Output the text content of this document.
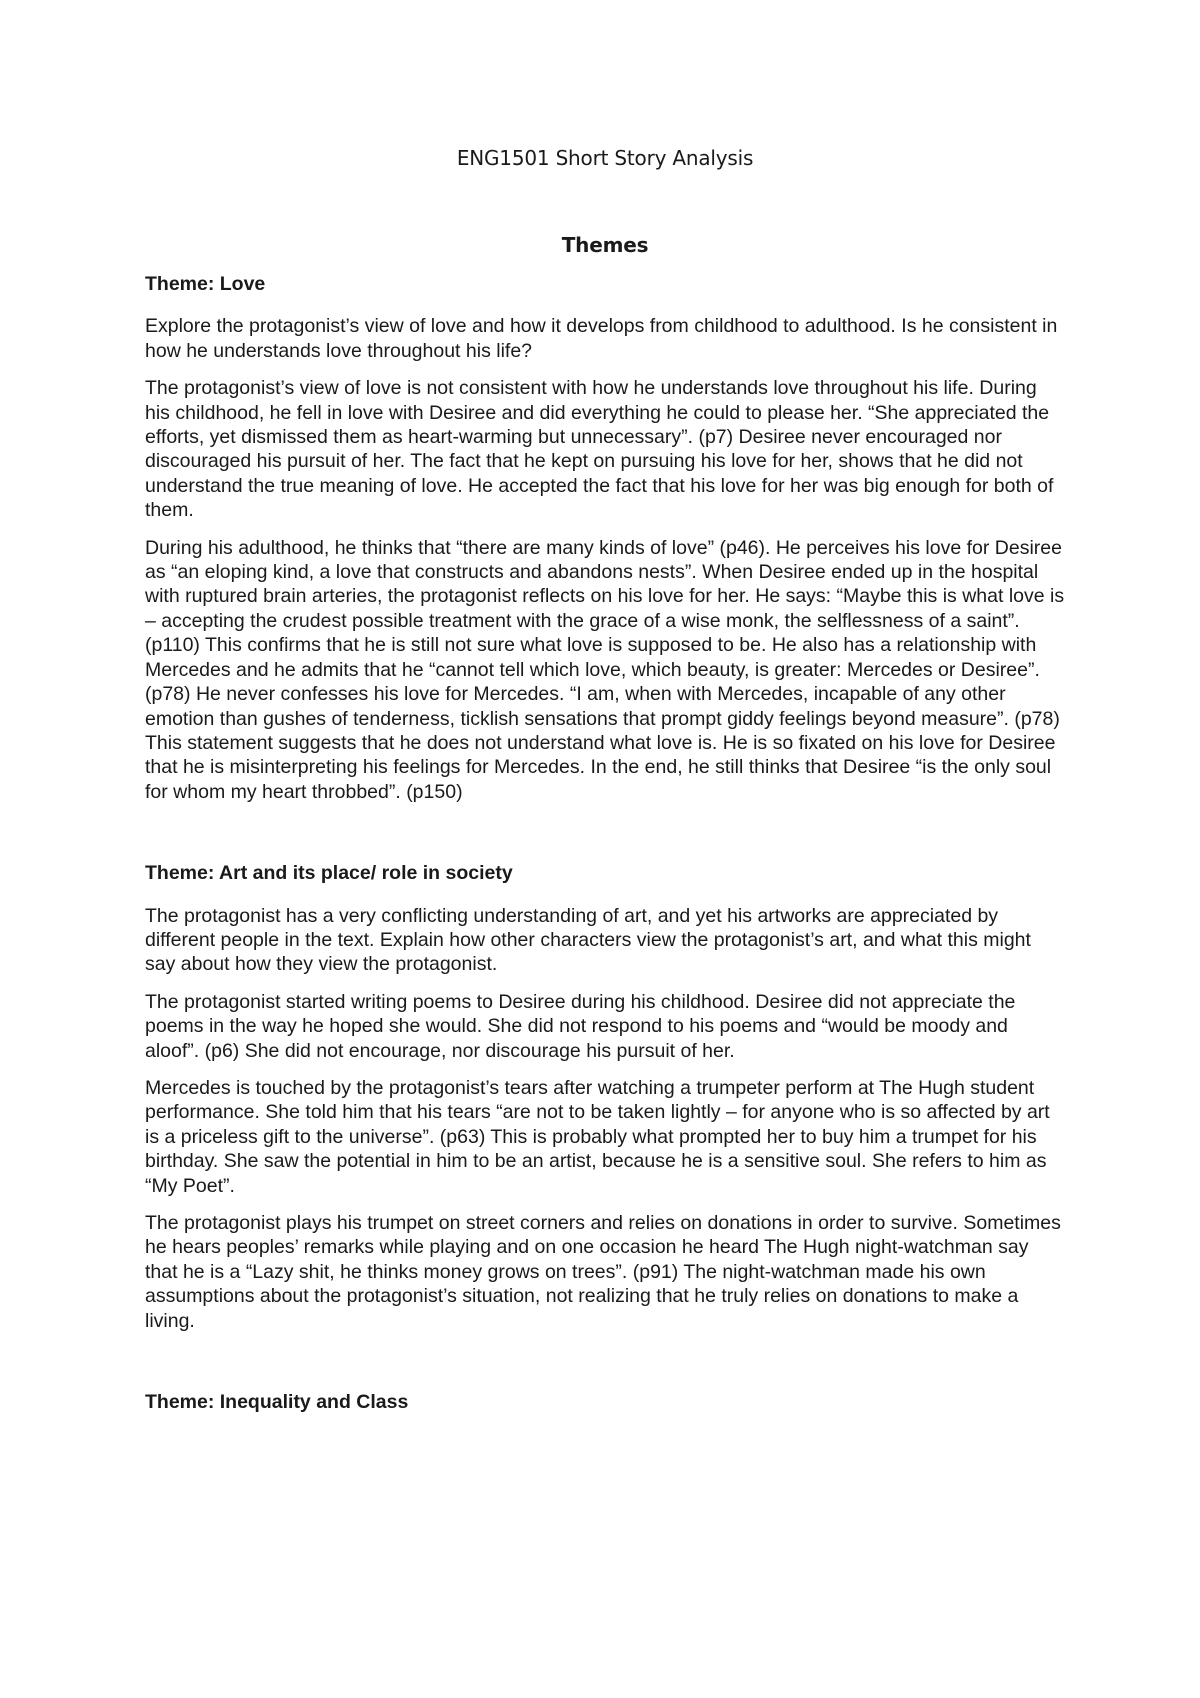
ENG1501 Short Story Analysis
Themes
Theme: Love

Explore the protagonist’s view of love and how it develops from childhood to adulthood. Is he consistent in how he understands love throughout his life?

The protagonist’s view of love is not consistent with how he understands love throughout his life. During his childhood, he fell in love with Desiree and did everything he could to please her. “She appreciated the efforts, yet dismissed them as heart-warming but unnecessary”. (p7) Desiree never encouraged nor discouraged his pursuit of her. The fact that he kept on pursuing his love for her, shows that he did not understand the true meaning of love. He accepted the fact that his love for her was big enough for both of them.

During his adulthood, he thinks that “there are many kinds of love” (p46). He perceives his love for Desiree as “an eloping kind, a love that constructs and abandons nests”. When Desiree ended up in the hospital with ruptured brain arteries, the protagonist reflects on his love for her. He says: “Maybe this is what love is – accepting the crudest possible treatment with the grace of a wise monk, the selflessness of a saint”. (p110) This confirms that he is still not sure what love is supposed to be. He also has a relationship with Mercedes and he admits that he “cannot tell which love, which beauty, is greater: Mercedes or Desiree”. (p78) He never confesses his love for Mercedes. “I am, when with Mercedes, incapable of any other emotion than gushes of tenderness, ticklish sensations that prompt giddy feelings beyond measure”. (p78) This statement suggests that he does not understand what love is. He is so fixated on his love for Desiree that he is misinterpreting his feelings for Mercedes. In the end, he still thinks that Desiree “is the only soul for whom my heart throbbed”. (p150)

Theme: Art and its place/ role in society

The protagonist has a very conflicting understanding of art, and yet his artworks are appreciated by different people in the text. Explain how other characters view the protagonist’s art, and what this might say about how they view the protagonist.

The protagonist started writing poems to Desiree during his childhood. Desiree did not appreciate the poems in the way he hoped she would. She did not respond to his poems and “would be moody and aloof”. (p6) She did not encourage, nor discourage his pursuit of her.

Mercedes is touched by the protagonist’s tears after watching a trumpeter perform at The Hugh student performance. She told him that his tears “are not to be taken lightly – for anyone who is so affected by art is a priceless gift to the universe”. (p63) This is probably what prompted her to buy him a trumpet for his birthday. She saw the potential in him to be an artist, because he is a sensitive soul. She refers to him as “My Poet”.

The protagonist plays his trumpet on street corners and relies on donations in order to survive. Sometimes he hears peoples’ remarks while playing and on one occasion he heard The Hugh night-watchman say that he is a “Lazy shit, he thinks money grows on trees”. (p91) The night-watchman made his own assumptions about the protagonist’s situation, not realizing that he truly relies on donations to make a living.

Theme: Inequality and Class
